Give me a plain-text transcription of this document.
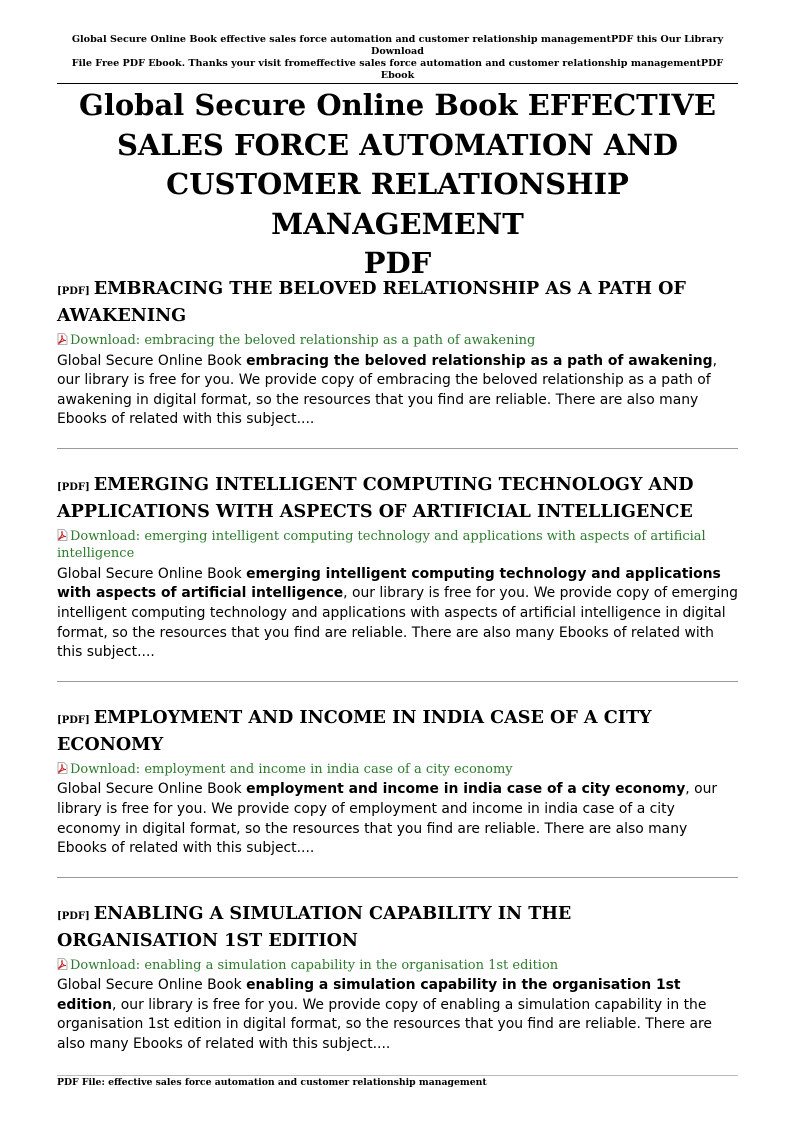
Global Secure Online Book effective sales force automation and customer relationship managementPDF this Our Library Download
File Free PDF Ebook. Thanks your visit fromeffective sales force automation and customer relationship managementPDF Ebook
Global Secure Online Book EFFECTIVE
SALES FORCE AUTOMATION AND
CUSTOMER RELATIONSHIP MANAGEMENT
PDF
[PDF] EMBRACING THE BELOVED RELATIONSHIP AS A PATH OF AWAKENING
Download: embracing the beloved relationship as a path of awakening
Global Secure Online Book embracing the beloved relationship as a path of awakening, our library is free for you. We provide copy of embracing the beloved relationship as a path of awakening in digital format, so the resources that you find are reliable. There are also many Ebooks of related with this subject....
[PDF] EMERGING INTELLIGENT COMPUTING TECHNOLOGY AND APPLICATIONS WITH ASPECTS OF ARTIFICIAL INTELLIGENCE
Download: emerging intelligent computing technology and applications with aspects of artificial intelligence
Global Secure Online Book emerging intelligent computing technology and applications with aspects of artificial intelligence, our library is free for you. We provide copy of emerging intelligent computing technology and applications with aspects of artificial intelligence in digital format, so the resources that you find are reliable. There are also many Ebooks of related with this subject....
[PDF] EMPLOYMENT AND INCOME IN INDIA CASE OF A CITY ECONOMY
Download: employment and income in india case of a city economy
Global Secure Online Book employment and income in india case of a city economy, our library is free for you. We provide copy of employment and income in india case of a city economy in digital format, so the resources that you find are reliable. There are also many Ebooks of related with this subject....
[PDF] ENABLING A SIMULATION CAPABILITY IN THE ORGANISATION 1ST EDITION
Download: enabling a simulation capability in the organisation 1st edition
Global Secure Online Book enabling a simulation capability in the organisation 1st edition, our library is free for you. We provide copy of enabling a simulation capability in the organisation 1st edition in digital format, so the resources that you find are reliable. There are also many Ebooks of related with this subject....
PDF File: effective sales force automation and customer relationship management
